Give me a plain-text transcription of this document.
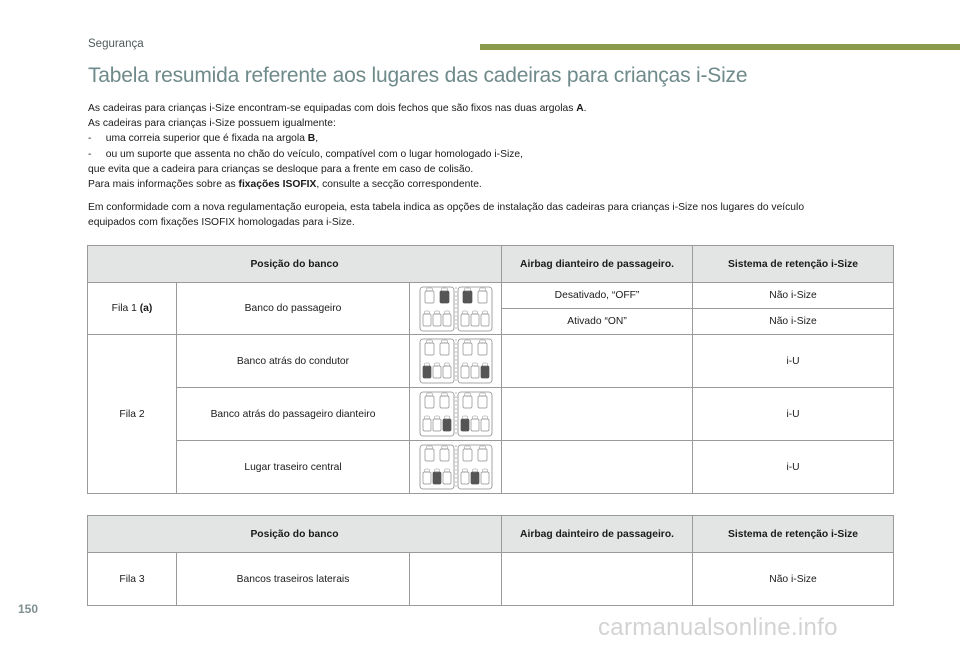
Segurança
Tabela resumida referente aos lugares das cadeiras para crianças i-Size

As cadeiras para crianças i-Size encontram-se equipadas com dois fechos que são fixos nas duas argolas A.

As cadeiras para crianças i-Size possuem igualmente:

-     uma correia superior que é fixada na argola B,

-     ou um suporte que assenta no chão do veículo, compatível com o lugar homologado i-Size,

que evita que a cadeira para crianças se desloque para a frente em caso de colisão.

Para mais informações sobre as fixações ISOFIX, consulte a secção correspondente.

Em conformidade com a nova regulamentação europeia, esta tabela indica as opções de instalação das cadeiras para crianças i-Size nos lugares do veículo

equipados com fixações ISOFIX homologadas para i-Size.

Posição do banco			Airbag dianteiro de passageiro.	Sistema de retenção i-Size
Fila 1 (a)	Banco do passageiro		Desativado, “OFF”	Não i-Size
			Ativado “ON”	Não i-Size
Fila 2	Banco atrás do condutor			i-U
	Banco atrás do passageiro dianteiro			i-U
	Lugar traseiro central			i-U
Posição do banco			Airbag dainteiro de passageiro.	Sistema de retenção i-Size
Fila 3	Bancos traseiros laterais			Não i-Size
150
carmanualsonline.info
